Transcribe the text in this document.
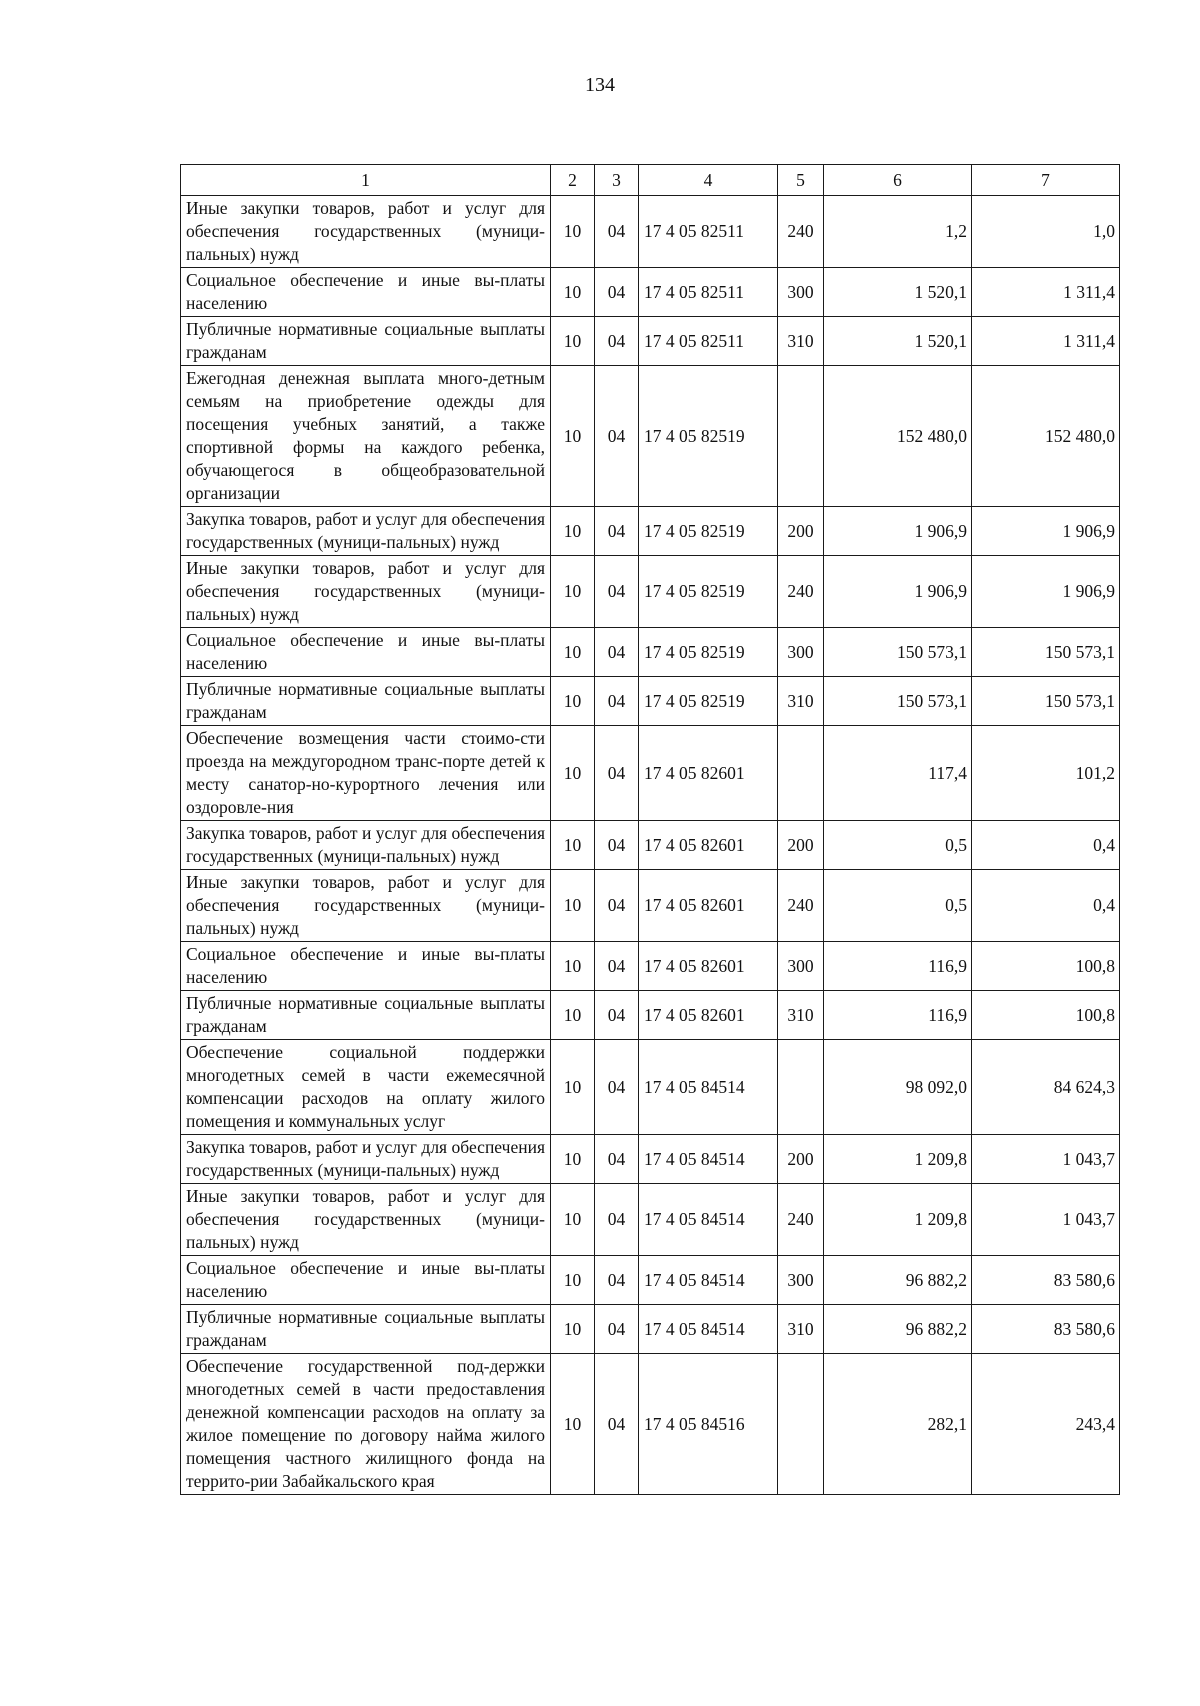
134
1	2	3	4	5	6	7
Иные закупки товаров, работ и услуг для обеспечения государственных (муници-пальных) нужд	10	04	17 4 05 82511	240	1,2	1,0
Социальное обеспечение и иные вы-платы населению	10	04	17 4 05 82511	300	1 520,1	1 311,4
Публичные нормативные социальные выплаты гражданам	10	04	17 4 05 82511	310	1 520,1	1 311,4
Ежегодная денежная выплата много-детным семьям на приобретение одежды для посещения учебных занятий, а также спортивной формы на каждого ребенка, обучающегося в общеобразовательной организации	10	04	17 4 05 82519		152 480,0	152 480,0
Закупка товаров, работ и услуг для обеспечения государственных (муници-пальных) нужд	10	04	17 4 05 82519	200	1 906,9	1 906,9
Иные закупки товаров, работ и услуг для обеспечения государственных (муници-пальных) нужд	10	04	17 4 05 82519	240	1 906,9	1 906,9
Социальное обеспечение и иные вы-платы населению	10	04	17 4 05 82519	300	150 573,1	150 573,1
Публичные нормативные социальные выплаты гражданам	10	04	17 4 05 82519	310	150 573,1	150 573,1
Обеспечение возмещения части стоимо-сти проезда на междугородном транс-порте детей к месту санатор-но-курортного лечения или оздоровле-ния	10	04	17 4 05 82601		117,4	101,2
Закупка товаров, работ и услуг для обеспечения государственных (муници-пальных) нужд	10	04	17 4 05 82601	200	0,5	0,4
Иные закупки товаров, работ и услуг для обеспечения государственных (муници-пальных) нужд	10	04	17 4 05 82601	240	0,5	0,4
Социальное обеспечение и иные вы-платы населению	10	04	17 4 05 82601	300	116,9	100,8
Публичные нормативные социальные выплаты гражданам	10	04	17 4 05 82601	310	116,9	100,8
Обеспечение социальной поддержки многодетных семей в части ежемесячной компенсации расходов на оплату жилого помещения и коммунальных услуг	10	04	17 4 05 84514		98 092,0	84 624,3
Закупка товаров, работ и услуг для обеспечения государственных (муници-пальных) нужд	10	04	17 4 05 84514	200	1 209,8	1 043,7
Иные закупки товаров, работ и услуг для обеспечения государственных (муници-пальных) нужд	10	04	17 4 05 84514	240	1 209,8	1 043,7
Социальное обеспечение и иные вы-платы населению	10	04	17 4 05 84514	300	96 882,2	83 580,6
Публичные нормативные социальные выплаты гражданам	10	04	17 4 05 84514	310	96 882,2	83 580,6
Обеспечение государственной под-держки многодетных семей в части предоставления денежной компенсации расходов на оплату за жилое помещение по договору найма жилого помещения частного жилищного фонда на террито-рии Забайкальского края	10	04	17 4 05 84516		282,1	243,4
